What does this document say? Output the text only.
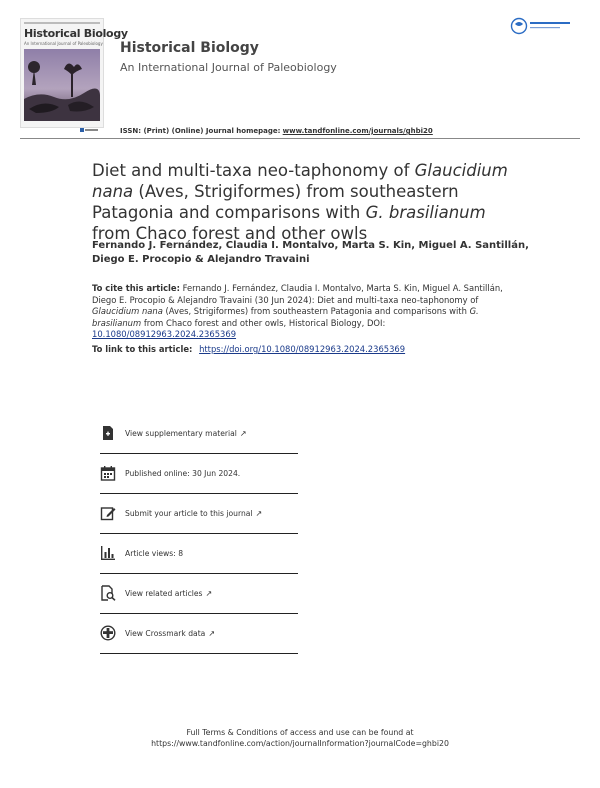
Historical Biology
An International Journal of Paleobiology Historical Biology
An International Journal of Paleobiology
ISSN: (Print) (Online) Journal homepage: www.tandfonline.com/journals/ghbi20
Diet and multi-taxa neo-taphonomy of Glaucidium nana (Aves, Strigiformes) from southeastern Patagonia and comparisons with G. brasilianum from Chaco forest and other owls
Fernando J. Fernández, Claudia I. Montalvo, Marta S. Kin, Miguel A. Santillán, Diego E. Procopio & Alejandro Travaini
To cite this article: Fernando J. Fernández, Claudia I. Montalvo, Marta S. Kin, Miguel A. Santillán, Diego E. Procopio & Alejandro Travaini (30 Jun 2024): Diet and multi-taxa neo-taphonomy of Glaucidium nana (Aves, Strigiformes) from southeastern Patagonia and comparisons with G. brasilianum from Chaco forest and other owls, Historical Biology, DOI: 10.1080/08912963.2024.2365369
To link to this article: https://doi.org/10.1080/08912963.2024.2365369
View supplementary material ↗
Published online: 30 Jun 2024.
Submit your article to this journal ↗
Article views: 8
View related articles ↗
View Crossmark data ↗
Full Terms & Conditions of access and use can be found at
https://www.tandfonline.com/action/journalInformation?journalCode=ghbi20
